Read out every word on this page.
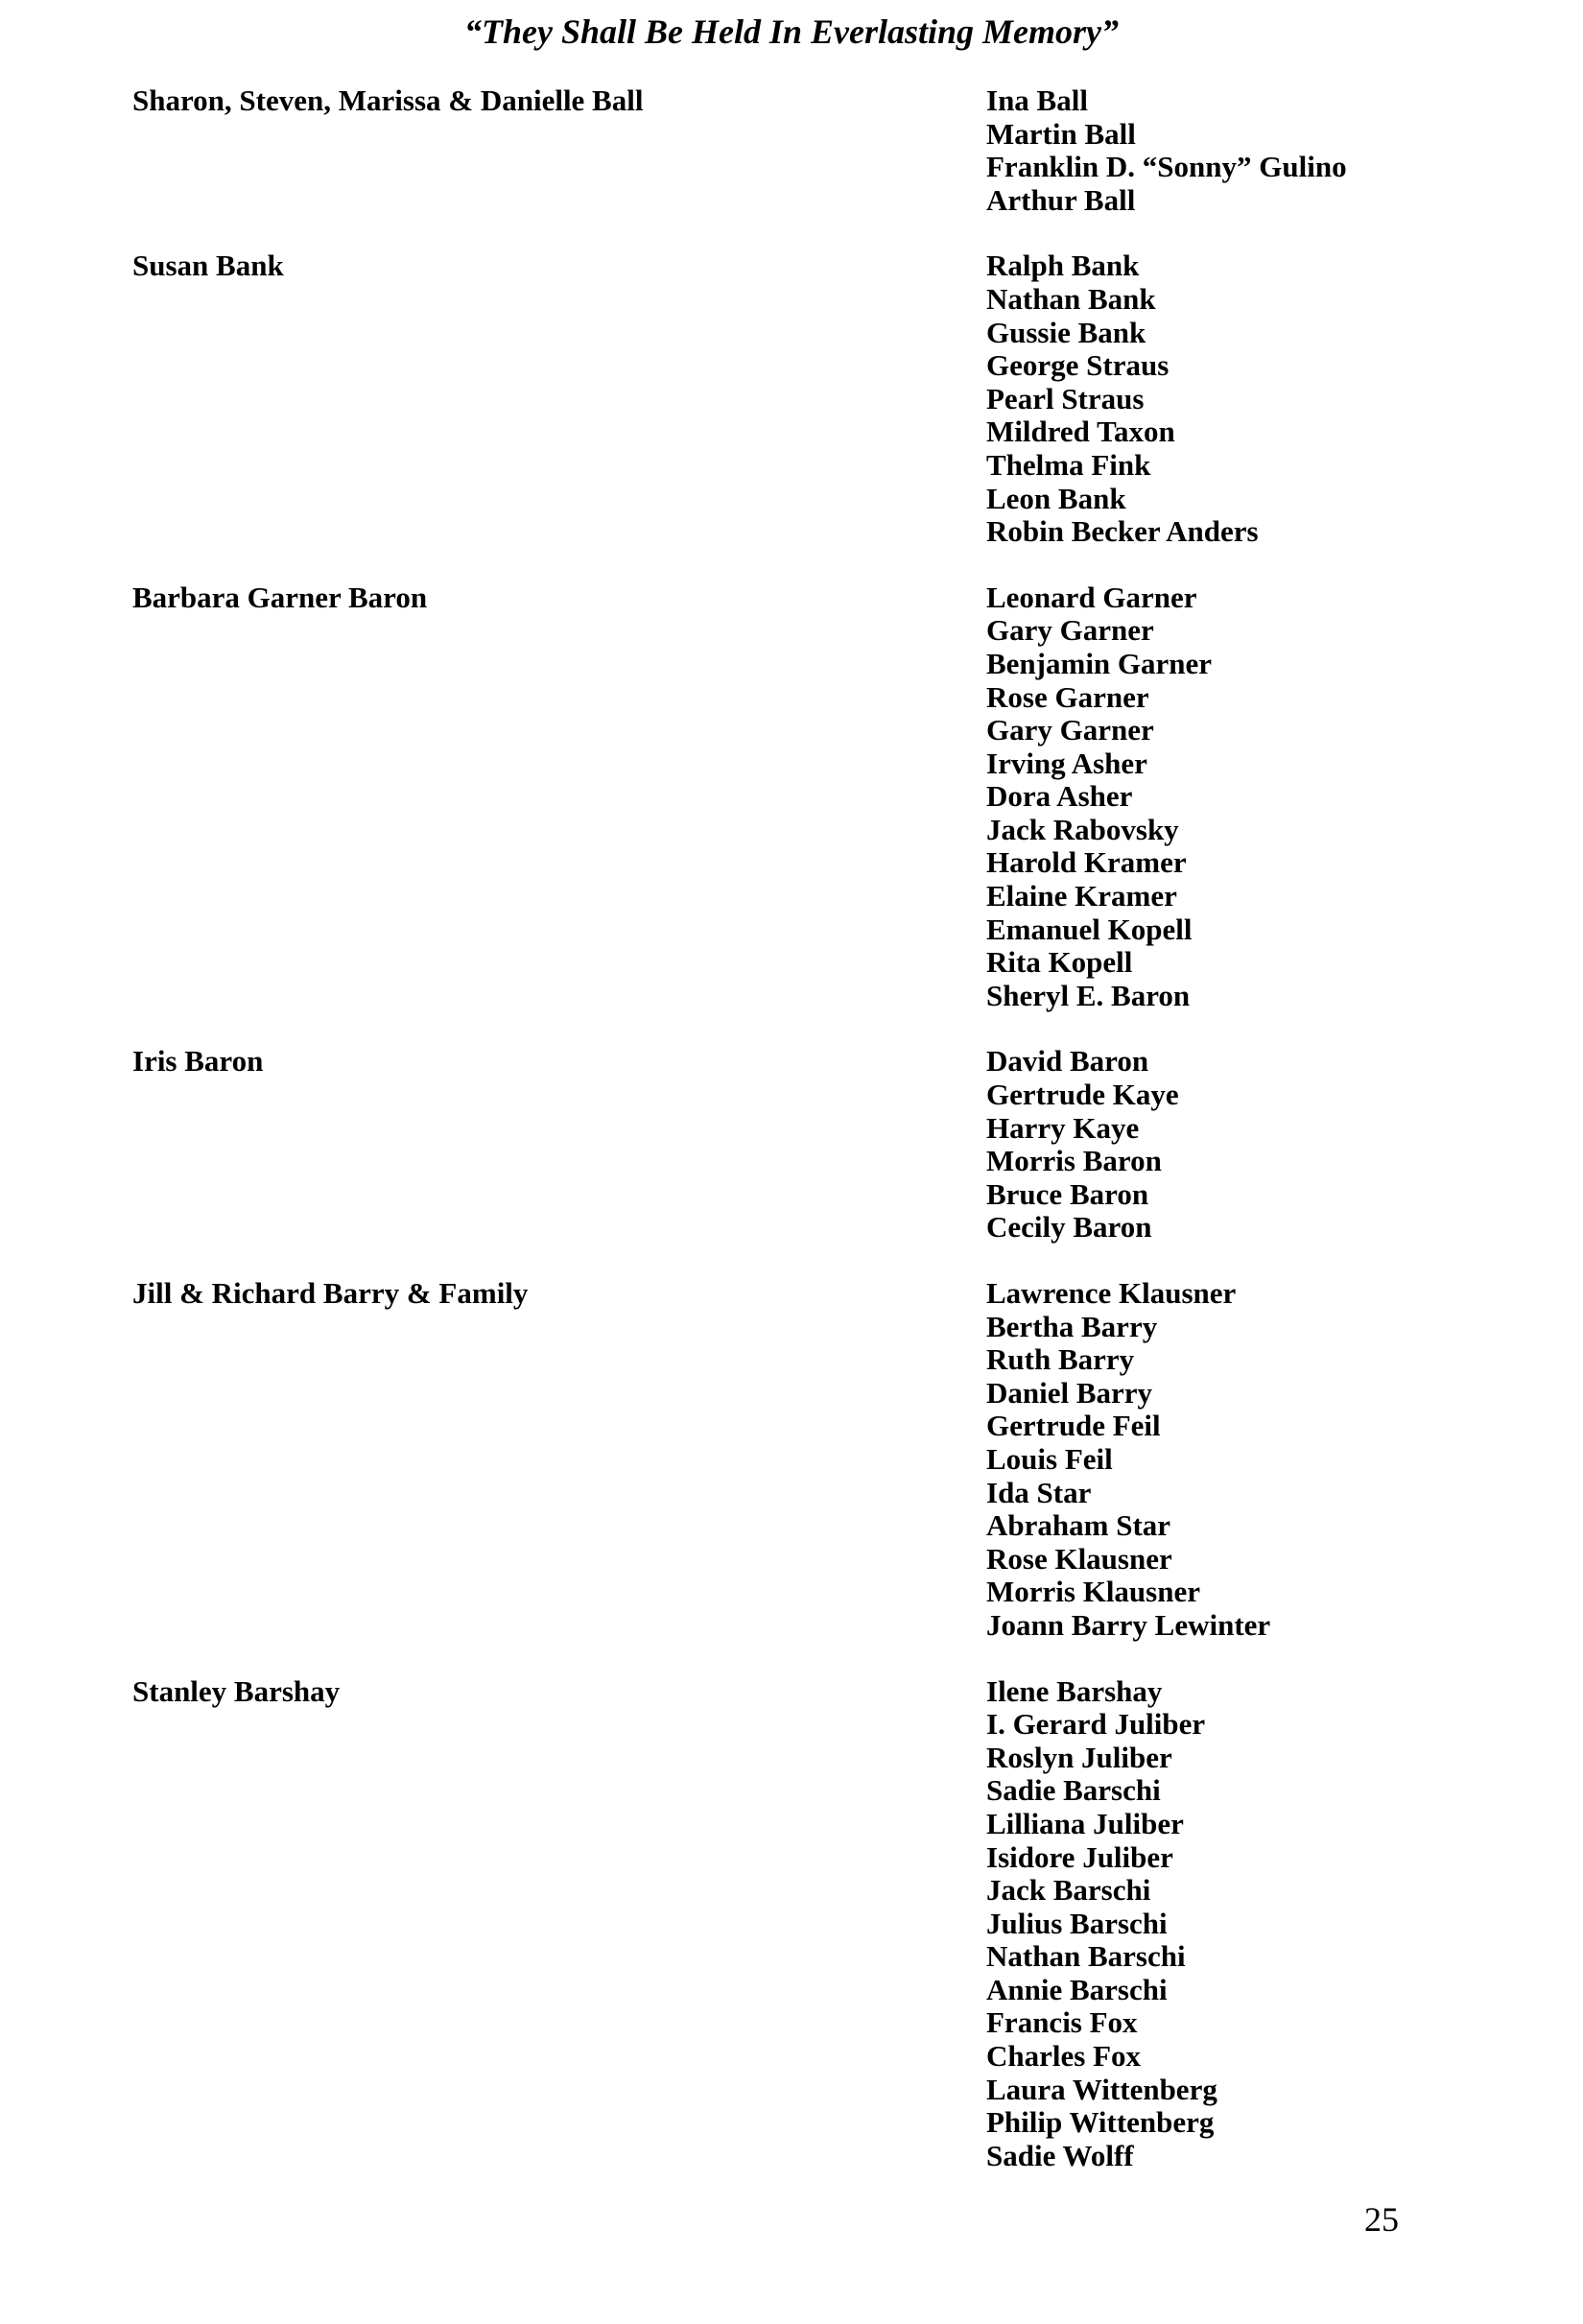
“They Shall Be Held In Everlasting Memory”
Sharon, Steven, Marissa & Danielle Ball	Ina Ball
Martin Ball
Franklin D. “Sonny” Gulino
Arthur Ball
Susan Bank	Ralph Bank
Nathan Bank
Gussie Bank
George Straus
Pearl Straus
Mildred Taxon
Thelma Fink
Leon Bank
Robin Becker Anders
Barbara Garner Baron	Leonard Garner
Gary Garner
Benjamin Garner
Rose Garner
Gary Garner
Irving Asher
Dora Asher
Jack Rabovsky
Harold Kramer
Elaine Kramer
Emanuel Kopell
Rita Kopell
Sheryl E. Baron
Iris Baron	David Baron
Gertrude Kaye
Harry Kaye
Morris Baron
Bruce Baron
Cecily Baron
Jill & Richard Barry & Family	Lawrence Klausner
Bertha Barry
Ruth Barry
Daniel Barry
Gertrude Feil
Louis Feil
Ida Star
Abraham Star
Rose Klausner
Morris Klausner
Joann Barry Lewinter
Stanley Barshay	Ilene Barshay
I. Gerard Juliber
Roslyn Juliber
Sadie Barschi
Lilliana Juliber
Isidore Juliber
Jack Barschi
Julius Barschi
Nathan Barschi
Annie Barschi
Francis Fox
Charles Fox
Laura Wittenberg
Philip Wittenberg
Sadie Wolff
25
